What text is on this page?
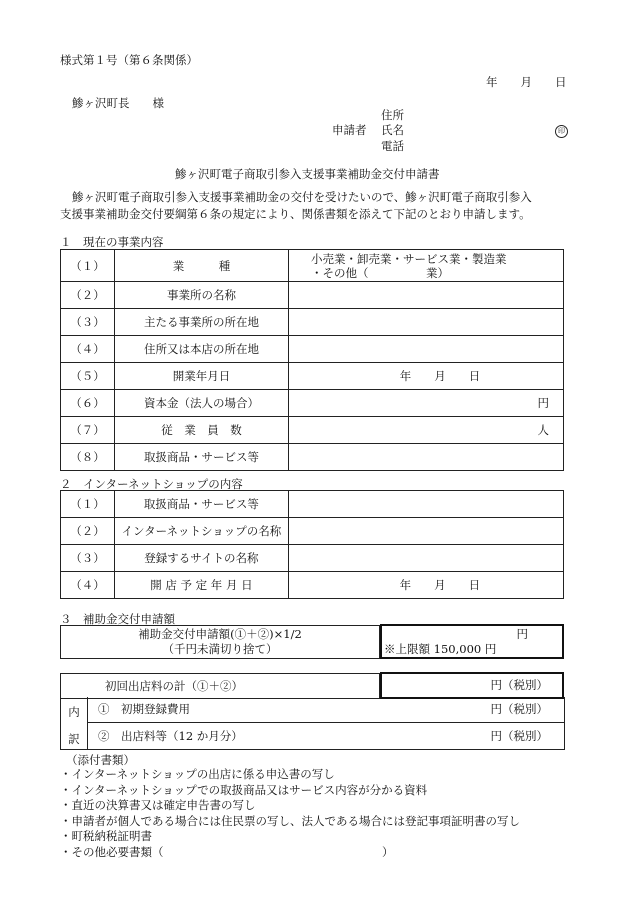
様式第１号（第６条関係）
年　　月　　日
鯵ヶ沢町長　　様
住所
申請者 氏名	印
電話
鯵ヶ沢町電子商取引参入支援事業補助金交付申請書
鯵ヶ沢町電子商取引参入支援事業補助金の交付を受けたいので、鯵ヶ沢町電子商取引参入
支援事業補助金交付要綱第６条の規定により、関係書類を添えて下記のとおり申請します。
１　現在の事業内容
（１）	業　　　種	小売業・卸売業・サービス業・製造業
・その他（　　　　　業）

（２）	事業所の名称	
（３）	主たる事業所の所在地	
（４）	住所又は本店の所在地	
（５）	開業年月日	年　　月　　日
（６）	資本金（法人の場合）	円
（７）	従　業　員　数	人
（８）	取扱商品・サービス等	
２　インターネットショップの内容
（１）	取扱商品・サービス等	
（２）	インターネットショップの名称	
（３）	登録するサイトの名称	
（４）	開 店 予 定 年 月 日	年　　月　　日
３　補助金交付申請額
補助金交付申請額(①＋②)×1/2
（千円未満切り捨て）
円
※上限額 150,000 円
初回出店料の計（①＋②）	円（税別）
内
訳
①　初期登録費用	円（税別）
②　出店料等（12 か月分）	円（税別）
（添付書類）
・インターネットショップの出店に係る申込書の写し
・インターネットショップでの取扱商品又はサービス内容が分かる資料
・直近の決算書又は確定申告書の写し
・申請者が個人である場合には住民票の写し、法人である場合には登記事項証明書の写し
・町税納税証明書
・その他必要書類（　　　　　　　　　　　　　　　　　　　）
